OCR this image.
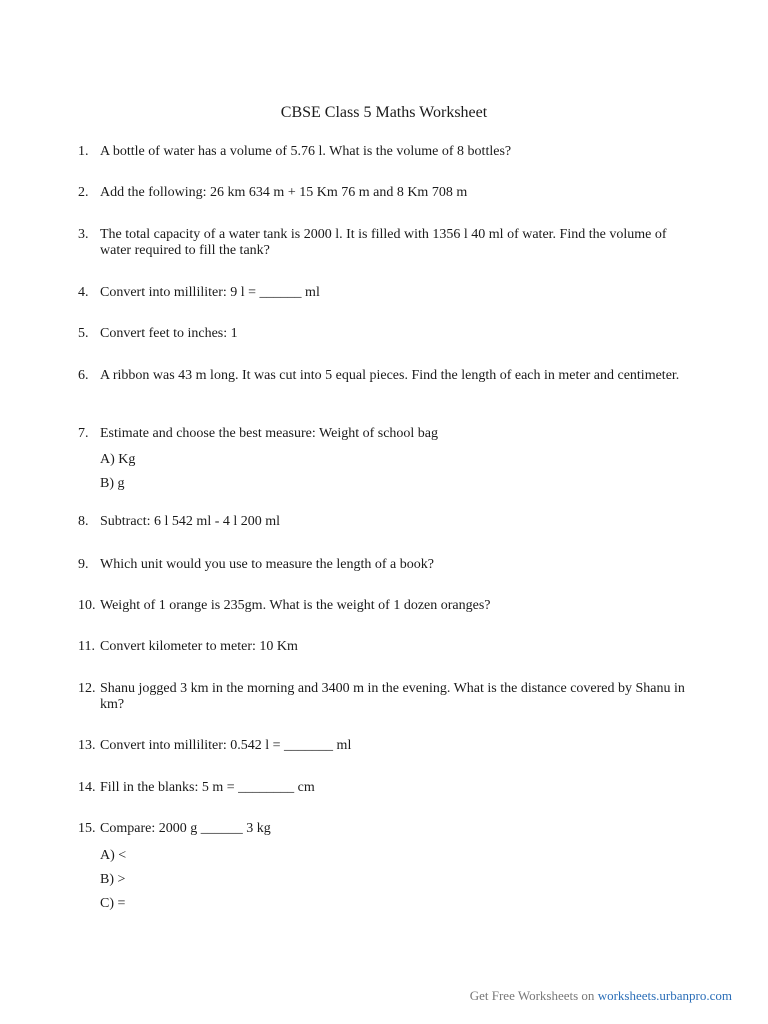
CBSE Class 5 Maths Worksheet
1. A bottle of water has a volume of 5.76 l. What is the volume of 8 bottles?
2. Add the following: 26 km 634 m + 15 Km 76 m and 8 Km 708 m
3. The total capacity of a water tank is 2000 l. It is filled with 1356 l 40 ml of water. Find the volume of water required to fill the tank?
4. Convert into milliliter: 9 l = ______ ml
5. Convert feet to inches: 1
6. A ribbon was 43 m long. It was cut into 5 equal pieces. Find the length of each in meter and centimeter.
7. Estimate and choose the best measure: Weight of school bag
A) Kg
B) g
8. Subtract: 6 l 542 ml - 4 l 200 ml
9. Which unit would you use to measure the length of a book?
10. Weight of 1 orange is 235gm. What is the weight of 1 dozen oranges?
11. Convert kilometer to meter: 10 Km
12. Shanu jogged 3 km in the morning and 3400 m in the evening. What is the distance covered by Shanu in km?
13. Convert into milliliter: 0.542 l = _______ ml
14. Fill in the blanks: 5 m = ________ cm
15. Compare: 2000 g ______ 3 kg
A) <
B) >
C) =
Get Free Worksheets on worksheets.urbanpro.com
